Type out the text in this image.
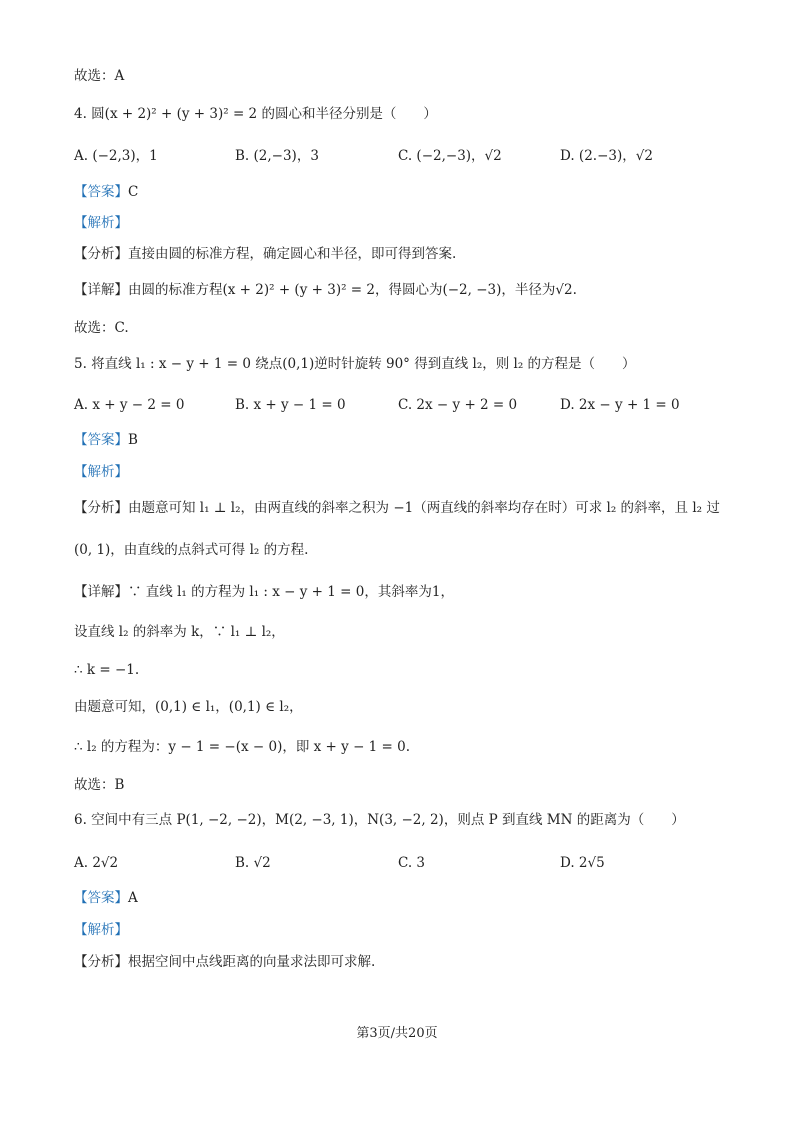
故选：A
4. 圆(x + 2)² + (y + 3)² = 2 的圆心和半径分别是（　　）
A. (−2,3)，1	B. (2,−3)，3	C. (−2,−3)，√2	D. (2.−3)，√2
【答案】C
【解析】
【分析】直接由圆的标准方程，确定圆心和半径，即可得到答案.
【详解】由圆的标准方程(x + 2)² + (y + 3)² = 2，得圆心为(−2, −3)，半径为√2.
故选：C.
5. 将直线 l₁ : x − y + 1 = 0 绕点(0,1)逆时针旋转 90° 得到直线 l₂，则 l₂ 的方程是（　　）
A. x + y − 2 = 0	B. x + y − 1 = 0	C. 2x − y + 2 = 0	D. 2x − y + 1 = 0
【答案】B
【解析】
【分析】由题意可知 l₁ ⊥ l₂，由两直线的斜率之积为 −1（两直线的斜率均存在时）可求 l₂ 的斜率，且 l₂ 过
(0, 1)，由直线的点斜式可得 l₂ 的方程.
【详解】∵ 直线 l₁ 的方程为 l₁ : x − y + 1 = 0，其斜率为1，
设直线 l₂ 的斜率为 k，∵ l₁ ⊥ l₂，
∴ k = −1.
由题意可知，(0,1) ∈ l₁，(0,1) ∈ l₂，
∴ l₂ 的方程为：y − 1 = −(x − 0)，即 x + y − 1 = 0.
故选：B
6. 空间中有三点 P(1, −2, −2)，M(2, −3, 1)，N(3, −2, 2)，则点 P 到直线 MN 的距离为（　　）
A. 2√2	B. √2	C. 3	D. 2√5
【答案】A
【解析】
【分析】根据空间中点线距离的向量求法即可求解.
第3页/共20页
